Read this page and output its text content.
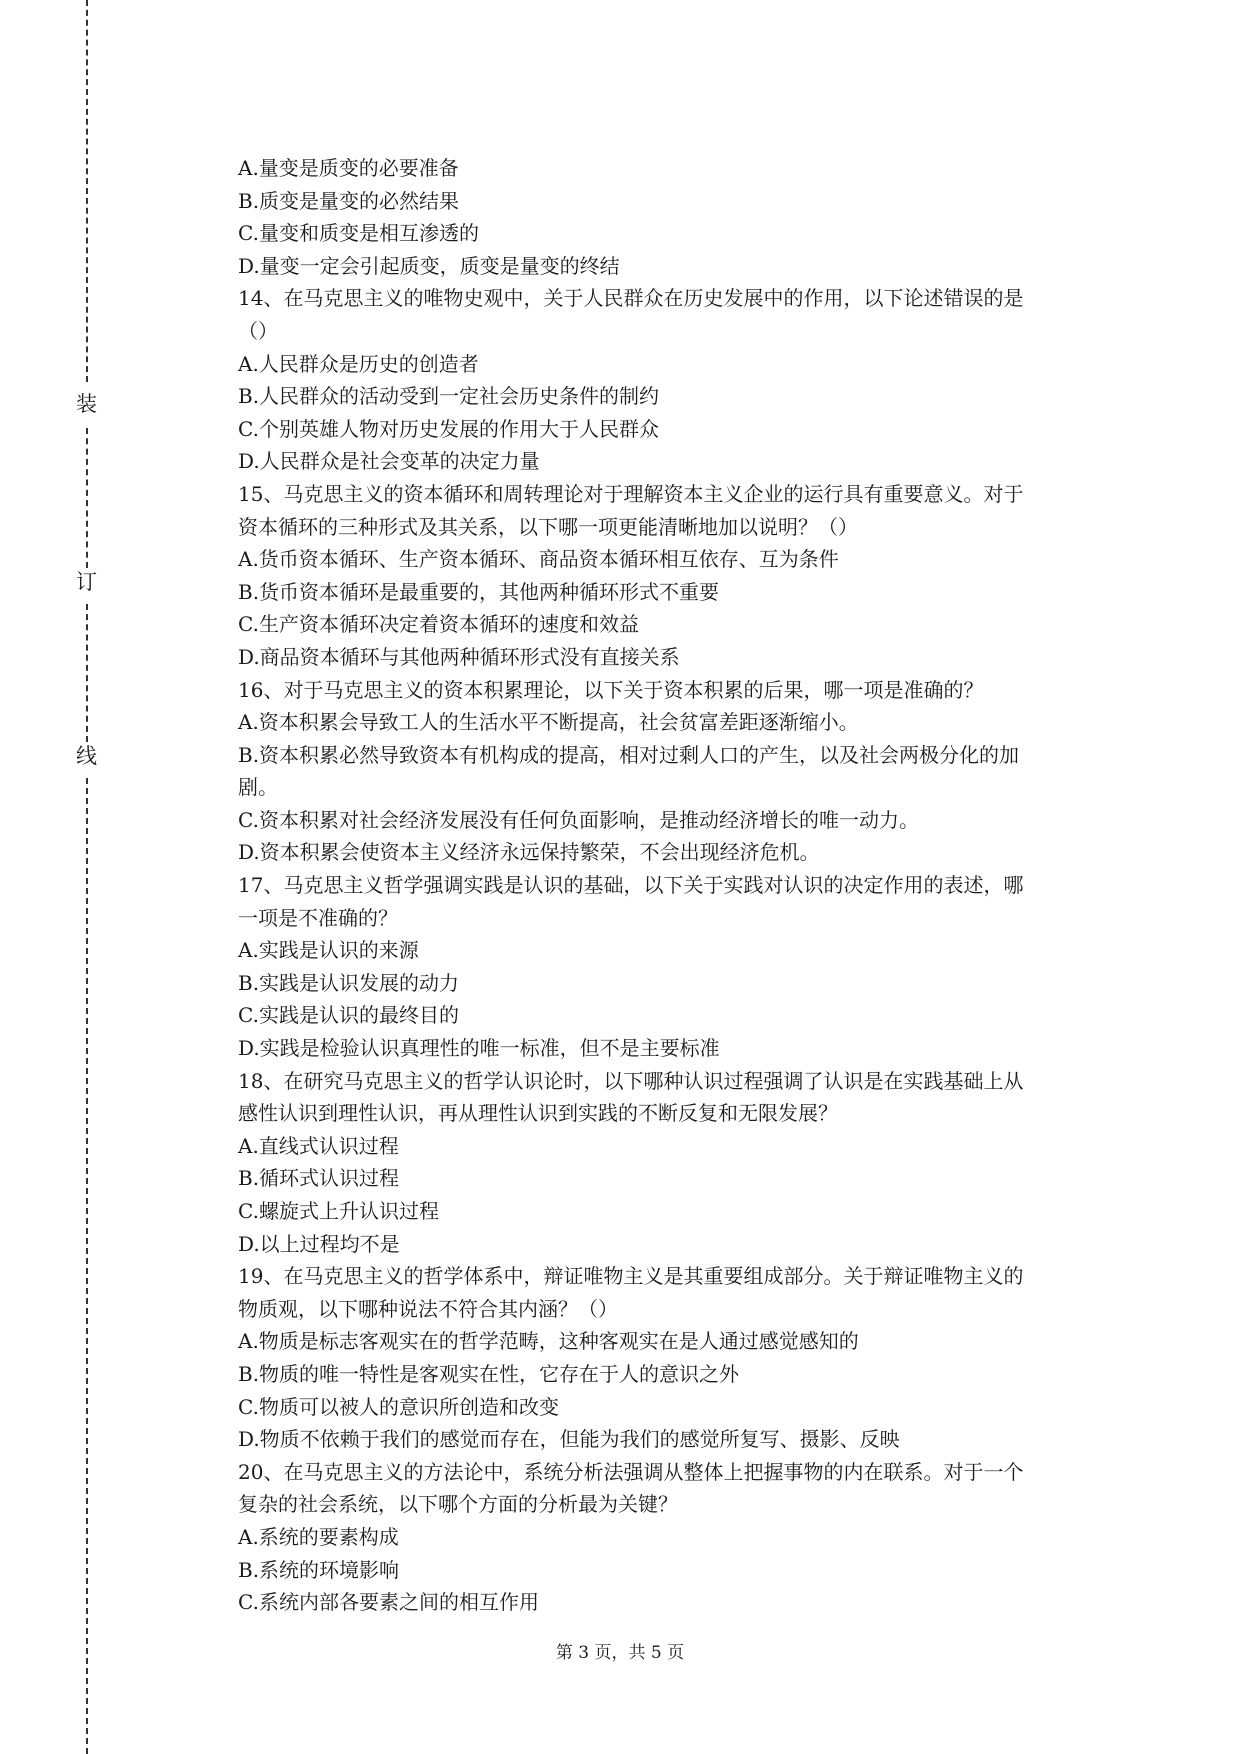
装
订
线
A.量变是质变的必要准备
B.质变是量变的必然结果
C.量变和质变是相互渗透的
D.量变一定会引起质变，质变是量变的终结
14、在马克思主义的唯物史观中，关于人民群众在历史发展中的作用，以下论述错误的是
（）
A.人民群众是历史的创造者
B.人民群众的活动受到一定社会历史条件的制约
C.个别英雄人物对历史发展的作用大于人民群众
D.人民群众是社会变革的决定力量
15、马克思主义的资本循环和周转理论对于理解资本主义企业的运行具有重要意义。对于
资本循环的三种形式及其关系，以下哪一项更能清晰地加以说明？（）
A.货币资本循环、生产资本循环、商品资本循环相互依存、互为条件
B.货币资本循环是最重要的，其他两种循环形式不重要
C.生产资本循环决定着资本循环的速度和效益
D.商品资本循环与其他两种循环形式没有直接关系
16、对于马克思主义的资本积累理论，以下关于资本积累的后果，哪一项是准确的？
A.资本积累会导致工人的生活水平不断提高，社会贫富差距逐渐缩小。
B.资本积累必然导致资本有机构成的提高，相对过剩人口的产生，以及社会两极分化的加
剧。
C.资本积累对社会经济发展没有任何负面影响，是推动经济增长的唯一动力。
D.资本积累会使资本主义经济永远保持繁荣，不会出现经济危机。
17、马克思主义哲学强调实践是认识的基础，以下关于实践对认识的决定作用的表述，哪
一项是不准确的？
A.实践是认识的来源
B.实践是认识发展的动力
C.实践是认识的最终目的
D.实践是检验认识真理性的唯一标准，但不是主要标准
18、在研究马克思主义的哲学认识论时，以下哪种认识过程强调了认识是在实践基础上从
感性认识到理性认识，再从理性认识到实践的不断反复和无限发展？
A.直线式认识过程
B.循环式认识过程
C.螺旋式上升认识过程
D.以上过程均不是
19、在马克思主义的哲学体系中，辩证唯物主义是其重要组成部分。关于辩证唯物主义的
物质观，以下哪种说法不符合其内涵？（）
A.物质是标志客观实在的哲学范畴，这种客观实在是人通过感觉感知的
B.物质的唯一特性是客观实在性，它存在于人的意识之外
C.物质可以被人的意识所创造和改变
D.物质不依赖于我们的感觉而存在，但能为我们的感觉所复写、摄影、反映
20、在马克思主义的方法论中，系统分析法强调从整体上把握事物的内在联系。对于一个
复杂的社会系统，以下哪个方面的分析最为关键？
A.系统的要素构成
B.系统的环境影响
C.系统内部各要素之间的相互作用
第 3 页，共 5 页
